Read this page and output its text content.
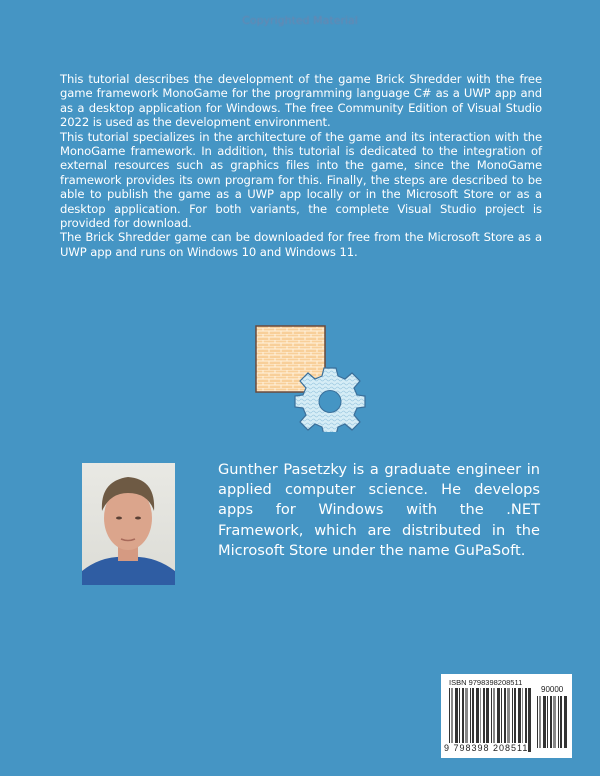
Copyrighted Material

This tutorial describes the development of the game Brick Shredder with the free game framework MonoGame for the programming language C# as a UWP app and as a desktop application for Windows. The free Community Edition of Visual Studio 2022 is used as the development environment.

This tutorial specializes in the architecture of the game and its interaction with the MonoGame framework. In addition, this tutorial is dedicated to the integration of external resources such as graphics files into the game, since the MonoGame framework provides its own program for this. Finally, the steps are described to be able to publish the game as a UWP app locally or in the Microsoft Store or as a desktop application. For both variants, the complete Visual Studio project is provided for download.

The Brick Shredder game can be downloaded for free from the Microsoft Store as a UWP app and runs on Windows 10 and Windows 11.

Gunther Pasetzky is a graduate engineer in applied computer science. He develops apps for Windows with the .NET Framework, which are distributed in the Microsoft Store under the name GuPaSoft.
ISBN 9798398208511
90000
9 798398 208511
